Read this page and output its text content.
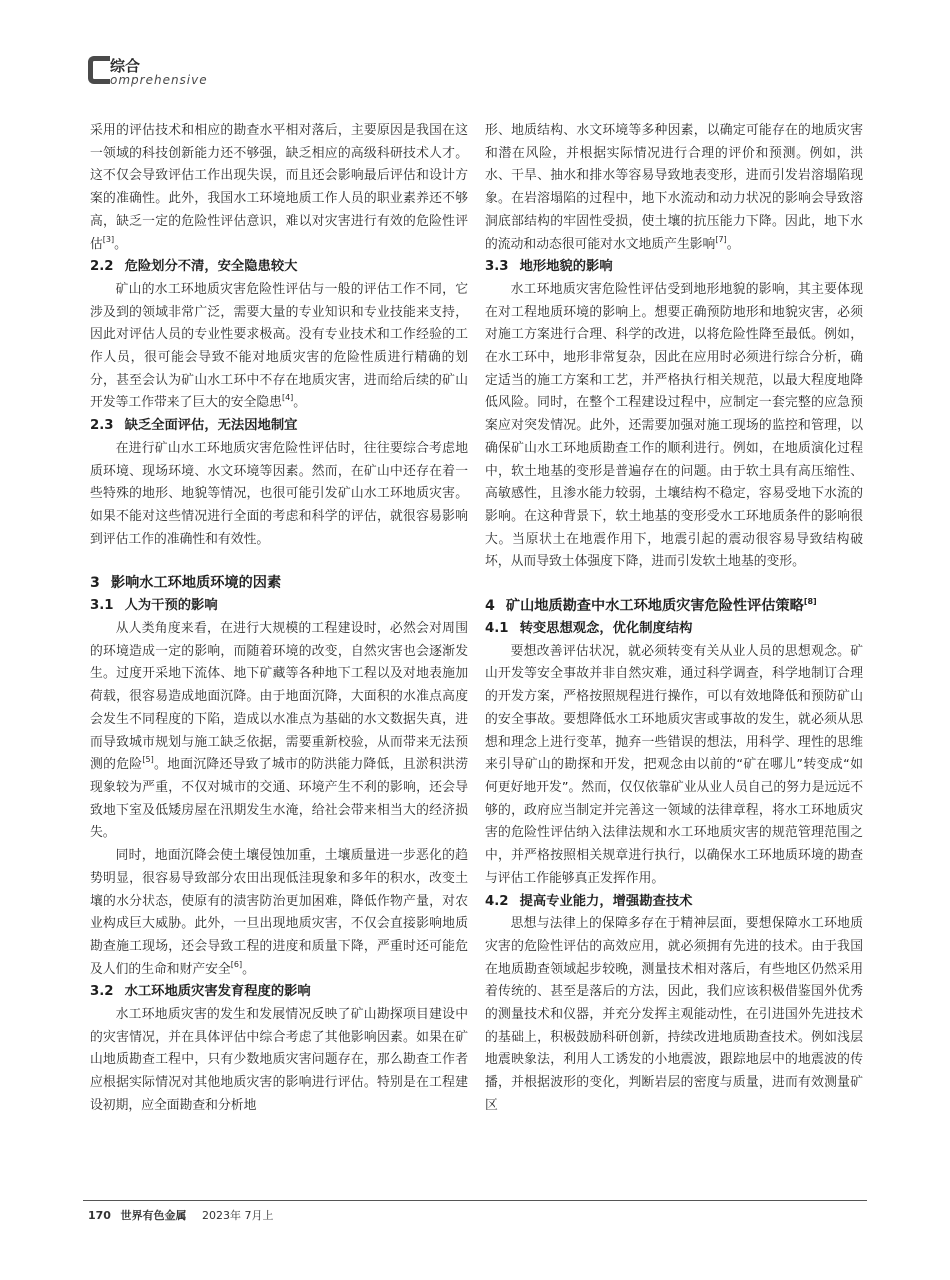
综合
omprehensive

采用的评估技术和相应的勘查水平相对落后，主要原因是我国在这一领域的科技创新能力还不够强，缺乏相应的高级科研技术人才。这不仅会导致评估工作出现失误，而且还会影响最后评估和设计方案的准确性。此外，我国水工环境地质工作人员的职业素养还不够高，缺乏一定的危险性评估意识，难以对灾害进行有效的危险性评估[3]。

2.2 危险划分不清，安全隐患较大

矿山的水工环地质灾害危险性评估与一般的评估工作不同，它涉及到的领域非常广泛，需要大量的专业知识和专业技能来支持，因此对评估人员的专业性要求极高。没有专业技术和工作经验的工作人员，很可能会导致不能对地质灾害的危险性质进行精确的划分，甚至会认为矿山水工环中不存在地质灾害，进而给后续的矿山开发等工作带来了巨大的安全隐患[4]。

2.3 缺乏全面评估，无法因地制宜

在进行矿山水工环地质灾害危险性评估时，往往要综合考虑地质环境、现场环境、水文环境等因素。然而，在矿山中还存在着一些特殊的地形、地貌等情况，也很可能引发矿山水工环地质灾害。如果不能对这些情况进行全面的考虑和科学的评估，就很容易影响到评估工作的准确性和有效性。

3 影响水工环地质环境的因素
3.1 人为干预的影响

从人类角度来看，在进行大规模的工程建设时，必然会对周围的环境造成一定的影响，而随着环境的改变，自然灾害也会逐渐发生。过度开采地下流体、地下矿藏等各种地下工程以及对地表施加荷载，很容易造成地面沉降。由于地面沉降，大面积的水准点高度会发生不同程度的下陷，造成以水准点为基础的水文数据失真，进而导致城市规划与施工缺乏依据，需要重新校验，从而带来无法预测的危险[5]。地面沉降还导致了城市的防洪能力降低，且淤积洪涝现象较为严重，不仅对城市的交通、环境产生不利的影响，还会导致地下室及低矮房屋在汛期发生水淹，给社会带来相当大的经济损失。

同时，地面沉降会使土壤侵蚀加重，土壤质量进一步恶化的趋势明显，很容易导致部分农田出现低洼現象和多年的积水，改变土壤的水分状态，使原有的渍害防治更加困难，降低作物产量，对农业构成巨大威胁。此外，一旦出现地质灾害，不仅会直接影响地质勘查施工现场，还会导致工程的进度和质量下降，严重时还可能危及人们的生命和财产安全[6]。

3.2 水工环地质灾害发育程度的影响

水工环地质灾害的发生和发展情况反映了矿山勘探项目建设中的灾害情况，并在具体评估中综合考虑了其他影响因素。如果在矿山地质勘查工程中，只有少数地质灾害问题存在，那么勘查工作者应根据实际情况对其他地质灾害的影响进行评估。特别是在工程建设初期，应全面勘查和分析地

形、地质结构、水文环境等多种因素，以确定可能存在的地质灾害和潜在风险，并根据实际情况进行合理的评价和预测。例如，洪水、干旱、抽水和排水等容易导致地表变形，进而引发岩溶塌陷现象。在岩溶塌陷的过程中，地下水流动和动力状况的影响会导致溶洞底部结构的牢固性受损，使土壤的抗压能力下降。因此，地下水的流动和动态很可能对水文地质产生影响[7]。

3.3 地形地貌的影响

水工环地质灾害危险性评估受到地形地貌的影响，其主要体现在对工程地质环境的影响上。想要正确预防地形和地貌灾害，必须对施工方案进行合理、科学的改进，以将危险性降至最低。例如，在水工环中，地形非常复杂，因此在应用时必须进行综合分析，确定适当的施工方案和工艺，并严格执行相关规范，以最大程度地降低风险。同时，在整个工程建设过程中，应制定一套完整的应急预案应对突发情况。此外，还需要加强对施工现场的监控和管理，以确保矿山水工环地质勘查工作的顺利进行。例如，在地质演化过程中，软土地基的变形是普遍存在的问题。由于软土具有高压缩性、高敏感性，且渗水能力较弱，土壤结构不稳定，容易受地下水流的影响。在这种背景下，软土地基的变形受水工环地质条件的影响很大。当原状土在地震作用下，地震引起的震动很容易导致结构破坏，从而导致土体强度下降，进而引发软土地基的变形。

4 矿山地质勘查中水工环地质灾害危险性评估策略[8]
4.1 转变思想观念，优化制度结构

要想改善评估状况，就必须转变有关从业人员的思想观念。矿山开发等安全事故并非自然灾难，通过科学调查，科学地制订合理的开发方案，严格按照规程进行操作，可以有效地降低和预防矿山的安全事故。要想降低水工环地质灾害或事故的发生，就必须从思想和理念上进行变革，抛弃一些错误的想法，用科学、理性的思维来引导矿山的勘探和开发，把观念由以前的“矿在哪儿”转变成“如何更好地开发”。然而，仅仅依靠矿业从业人员自己的努力是远远不够的，政府应当制定并完善这一领域的法律章程，将水工环地质灾害的危险性评估纳入法律法规和水工环地质灾害的规范管理范围之中，并严格按照相关规章进行执行，以确保水工环地质环境的勘查与评估工作能够真正发挥作用。

4.2 提高专业能力，增强勘查技术

思想与法律上的保障多存在于精神层面，要想保障水工环地质灾害的危险性评估的高效应用，就必须拥有先进的技术。由于我国在地质勘查领域起步较晚，测量技术相对落后，有些地区仍然采用着传统的、甚至是落后的方法，因此，我们应该积极借鉴国外优秀的测量技术和仪器，并充分发挥主观能动性，在引进国外先进技术的基础上，积极鼓励科研创新，持续改进地质勘查技术。例如浅层地震映象法，利用人工诱发的小地震波，跟踪地层中的地震波的传播，并根据波形的变化，判断岩层的密度与质量，进而有效测量矿区

170 世界有色金属 2023年 7月上
